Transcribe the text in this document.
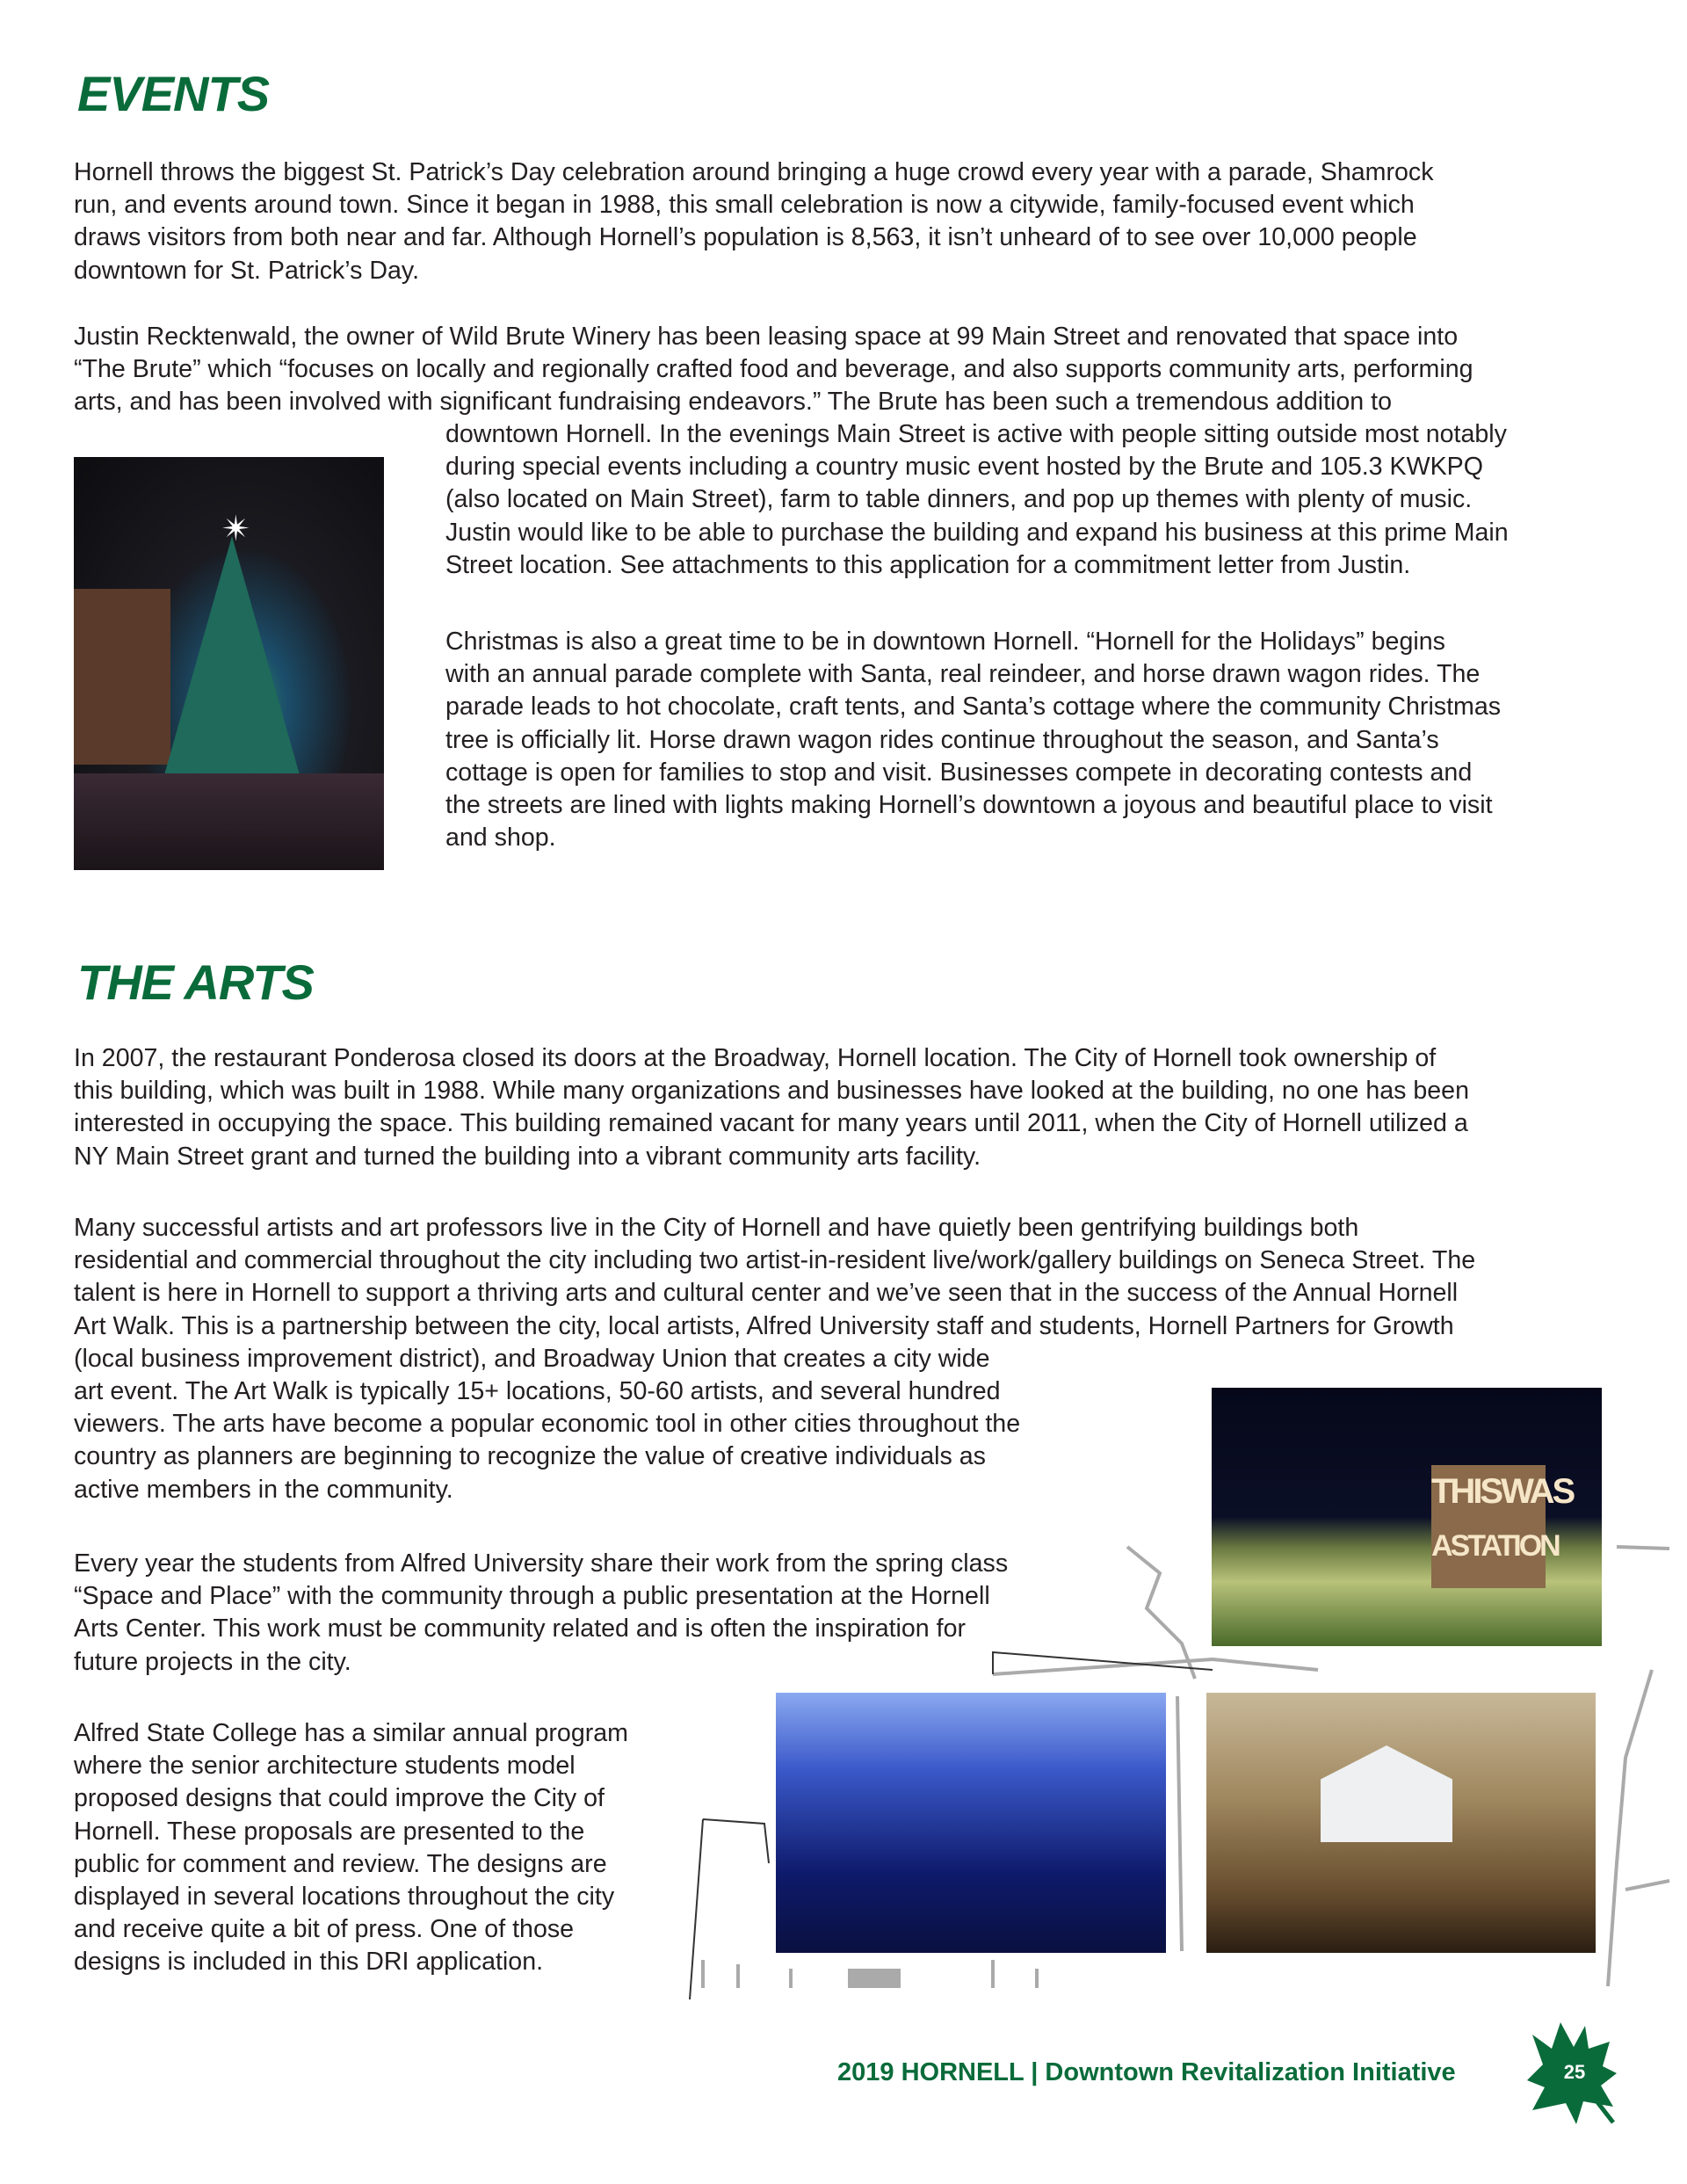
EVENTS
Hornell throws the biggest St. Patrick’s Day celebration around bringing a huge crowd every year with a parade, Shamrock
run, and events around town. Since it began in 1988, this small celebration is now a citywide, family-focused event which
draws visitors from both near and far. Although Hornell’s population is 8,563, it isn’t unheard of to see over 10,000 people
downtown for St. Patrick’s Day.
Justin Recktenwald, the owner of Wild Brute Winery has been leasing space at 99 Main Street and renovated that space into
“The Brute” which “focuses on locally and regionally crafted food and beverage, and also supports community arts, performing
arts, and has been involved with significant fundraising endeavors.” The Brute has been such a tremendous addition to
downtown Hornell. In the evenings Main Street is active with people sitting outside most notably
during special events including a country music event hosted by the Brute and 105.3 KWKPQ
(also located on Main Street), farm to table dinners, and pop up themes with plenty of music.
Justin would like to be able to purchase the building and expand his business at this prime Main
Street location. See attachments to this application for a commitment letter from Justin.
Christmas is also a great time to be in downtown Hornell. “Hornell for the Holidays” begins
with an annual parade complete with Santa, real reindeer, and horse drawn wagon rides. The
parade leads to hot chocolate, craft tents, and Santa’s cottage where the community Christmas
tree is officially lit. Horse drawn wagon rides continue throughout the season, and Santa’s
cottage is open for families to stop and visit. Businesses compete in decorating contests and
the streets are lined with lights making Hornell’s downtown a joyous and beautiful place to visit
and shop.
✴
THE ARTS
In 2007, the restaurant Ponderosa closed its doors at the Broadway, Hornell location. The City of Hornell took ownership of
this building, which was built in 1988. While many organizations and businesses have looked at the building, no one has been
interested in occupying the space. This building remained vacant for many years until 2011, when the City of Hornell utilized a
NY Main Street grant and turned the building into a vibrant community arts facility.
Many successful artists and art professors live in the City of Hornell and have quietly been gentrifying buildings both
residential and commercial throughout the city including two artist-in-resident live/work/gallery buildings on Seneca Street. The
talent is here in Hornell to support a thriving arts and cultural center and we’ve seen that in the success of the Annual Hornell
Art Walk. This is a partnership between the city, local artists, Alfred University staff and students, Hornell Partners for Growth
(local business improvement district), and Broadway Union that creates a city wide
art event. The Art Walk is typically 15+ locations, 50-60 artists, and several hundred
viewers. The arts have become a popular economic tool in other cities throughout the
country as planners are beginning to recognize the value of creative individuals as
active members in the community.
Every year the students from Alfred University share their work from the spring class
“Space and Place” with the community through a public presentation at the Hornell
Arts Center. This work must be community related and is often the inspiration for
future projects in the city.
Alfred State College has a similar annual program
where the senior architecture students model
proposed designs that could improve the City of
Hornell. These proposals are presented to the
public for comment and review. The designs are
displayed in several locations throughout the city
and receive quite a bit of press. One of those
designs is included in this DRI application.
THISWAS
ASTATION
2019 HORNELL | Downtown Revitalization Initiative	25
